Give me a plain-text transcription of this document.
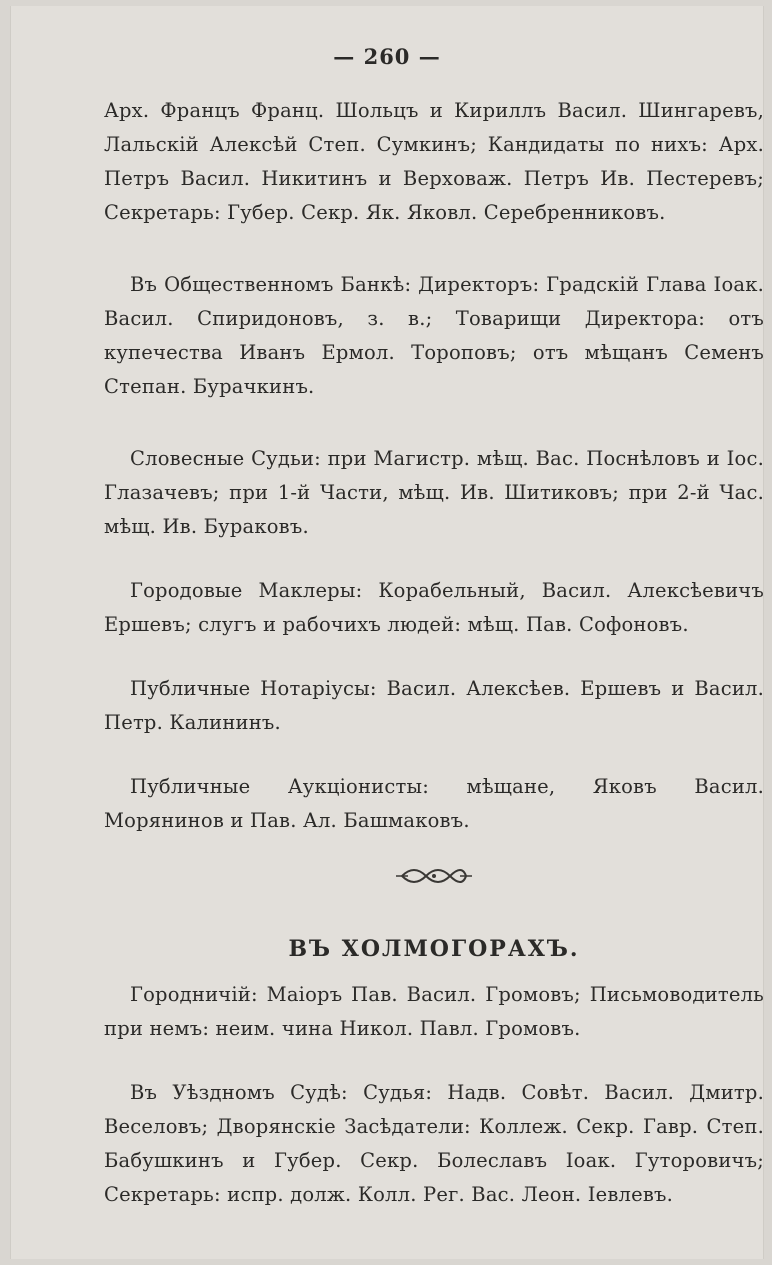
— 260 —

Арх. Францъ Франц. Шольцъ и Кириллъ Васил. Шингаревъ, Лальскій Алексѣй Степ. Сумкинъ; Кандидаты по нихъ: Арх. Петръ Васил. Никитинъ и Верховаж. Петръ Ив. Пестеревъ; Секретарь: Губер. Секр. Як. Яковл. Серебренниковъ.

Въ Общественномъ Банкѣ: Директоръ: Градскій Глава Іоак. Васил. Спиридоновъ, з. в.; Товарищи Директора: отъ купечества Иванъ Ермол. Тороповъ; отъ мѣщанъ Семенъ Степан. Бурачкинъ.

Словесные Судьи: при Магистр. мѣщ. Вас. Поснѣловъ и Іос. Глазачевъ; при 1-й Части, мѣщ. Ив. Шитиковъ; при 2-й Час. мѣщ. Ив. Бураковъ.

Городовые Маклеры: Корабельный, Васил. Алексѣевичъ Ершевъ; слугъ и рабочихъ людей: мѣщ. Пав. Софоновъ.

Публичные Нотаріусы: Васил. Алексѣев. Ершевъ и Васил. Петр. Калининъ.

Публичные Аукціонисты: мѣщане, Яковъ Васил. Морянинов и Пав. Ал. Башмаковъ.

ВЪ ХОЛМОГОРАХЪ.

Городничій: Маіоръ Пав. Васил. Громовъ; Письмоводитель при немъ: неим. чина Никол. Павл. Громовъ.

Въ Уѣздномъ Судѣ: Судья: Надв. Совѣт. Васил. Дмитр. Веселовъ; Дворянскіе Засѣдатели: Коллеж. Секр. Гавр. Степ. Бабушкинъ и Губер. Секр. Болеславъ Іоак. Гуторовичъ; Секретарь: испр. долж. Колл. Рег. Вас. Леон. Іевлевъ.
